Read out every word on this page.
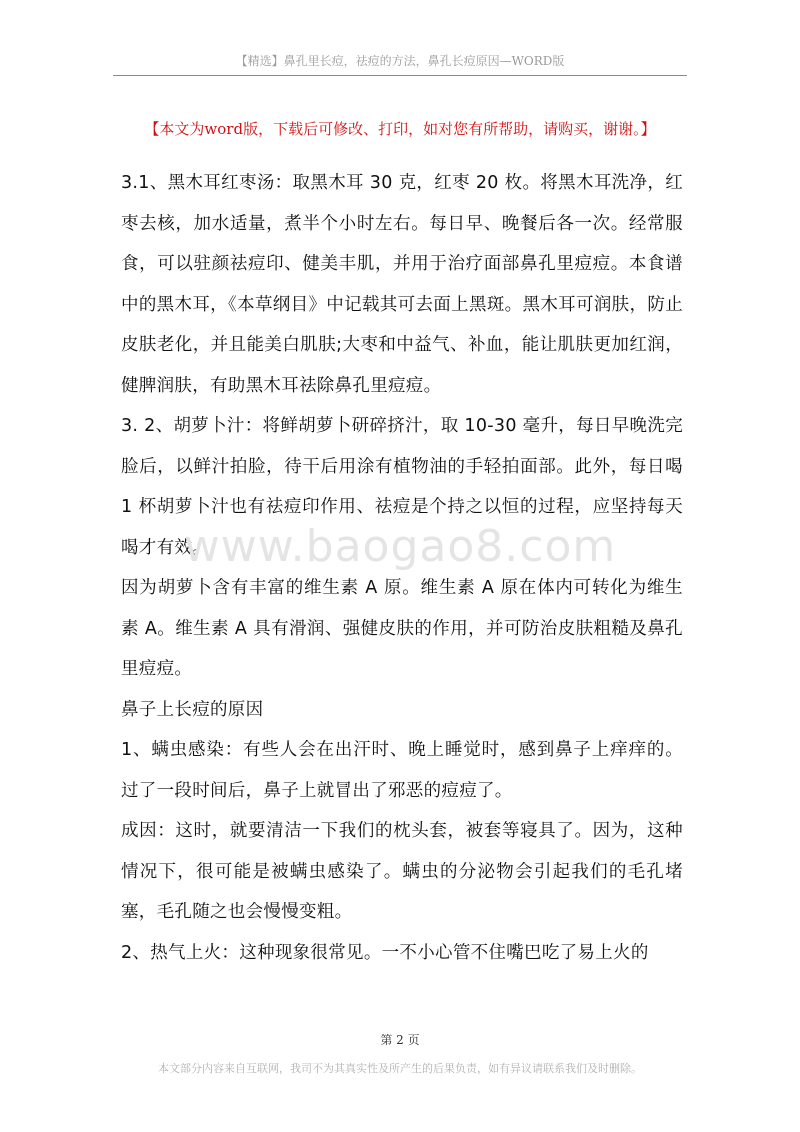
【精选】鼻孔里长痘，祛痘的方法，鼻孔长痘原因—WORD版
【本文为word版，下载后可修改、打印，如对您有所帮助，请购买，谢谢。】

3.1、黑木耳红枣汤：取黑木耳 30 克，红枣 20 枚。将黑木耳洗净，红枣去核，加水适量，煮半个小时左右。每日早、晚餐后各一次。经常服食，可以驻颜祛痘印、健美丰肌，并用于治疗面部鼻孔里痘痘。本食谱中的黑木耳，《本草纲目》中记载其可去面上黑斑。黑木耳可润肤，防止皮肤老化，并且能美白肌肤;大枣和中益气、补血，能让肌肤更加红润，健脾润肤，有助黑木耳祛除鼻孔里痘痘。

3. 2、胡萝卜汁：将鲜胡萝卜研碎挤汁，取 10-30 毫升，每日早晚洗完脸后，以鲜汁拍脸，待干后用涂有植物油的手轻拍面部。此外，每日喝 1 杯胡萝卜汁也有祛痘印作用、祛痘是个持之以恒的过程，应坚持每天喝才有效。

因为胡萝卜含有丰富的维生素 A 原。维生素 A 原在体内可转化为维生素 A。维生素 A 具有滑润、强健皮肤的作用，并可防治皮肤粗糙及鼻孔里痘痘。

鼻子上长痘的原因

1、螨虫感染：有些人会在出汗时、晚上睡觉时，感到鼻子上痒痒的。过了一段时间后，鼻子上就冒出了邪恶的痘痘了。

成因：这时，就要清洁一下我们的枕头套，被套等寝具了。因为，这种情况下，很可能是被螨虫感染了。螨虫的分泌物会引起我们的毛孔堵塞，毛孔随之也会慢慢变粗。

2、热气上火：这种现象很常见。一不小心管不住嘴巴吃了易上火的

www.baogao8.com
第 2 页
本文部分内容来自互联网，我司不为其真实性及所产生的后果负责，如有异议请联系我们及时删除。
